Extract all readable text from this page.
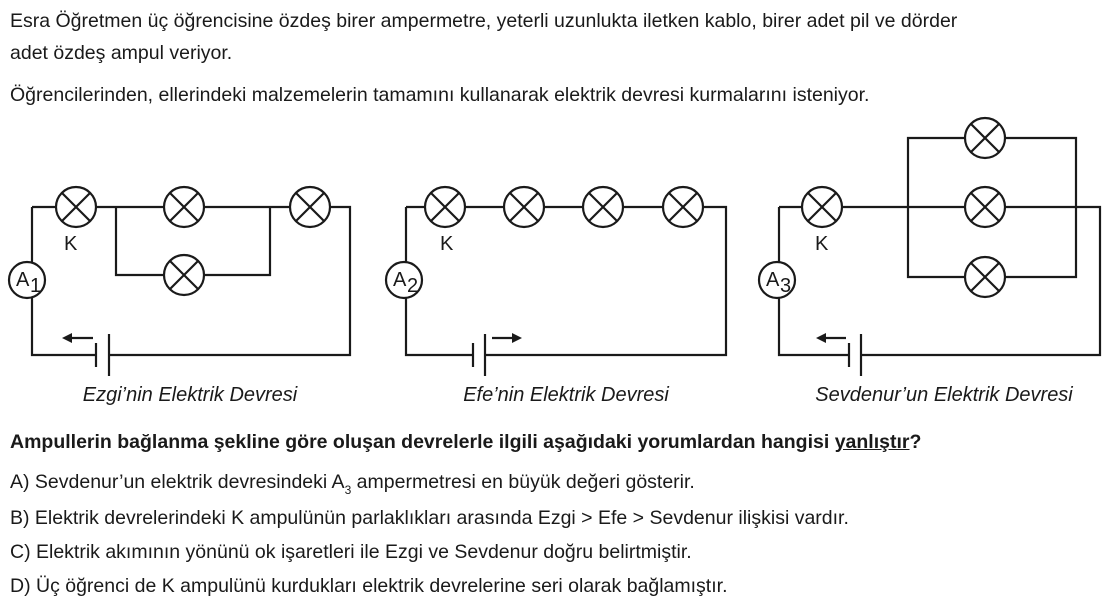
Esra Öğretmen üç öğrencisine özdeş birer ampermetre, yeterli uzunlukta iletken kablo, birer adet pil ve dörder
adet özdeş ampul veriyor.
Öğrencilerinden, ellerindeki malzemelerin tamamını kullanarak elektrik devresi kurmalarını isteniyor.
K
A 1
Ezgi’nin Elektrik Devresi
K
A 2
Efe’nin Elektrik Devresi
K
A 3
Sevdenur’un Elektrik Devresi
Ampullerin bağlanma şekline göre oluşan devrelerle ilgili aşağıdaki yorumlardan hangisi yanlıştır?
A) Sevdenur’un elektrik devresindeki $A_3$ ampermetresi en büyük değeri gösterir.
B) Elektrik devrelerindeki K ampulünün parlaklıkları arasında Ezgi > Efe > Sevdenur ilişkisi vardır.
C) Elektrik akımının yönünü ok işaretleri ile Ezgi ve Sevdenur doğru belirtmiştir.
D) Üç öğrenci de K ampulünü kurdukları elektrik devrelerine seri olarak bağlamıştır.
